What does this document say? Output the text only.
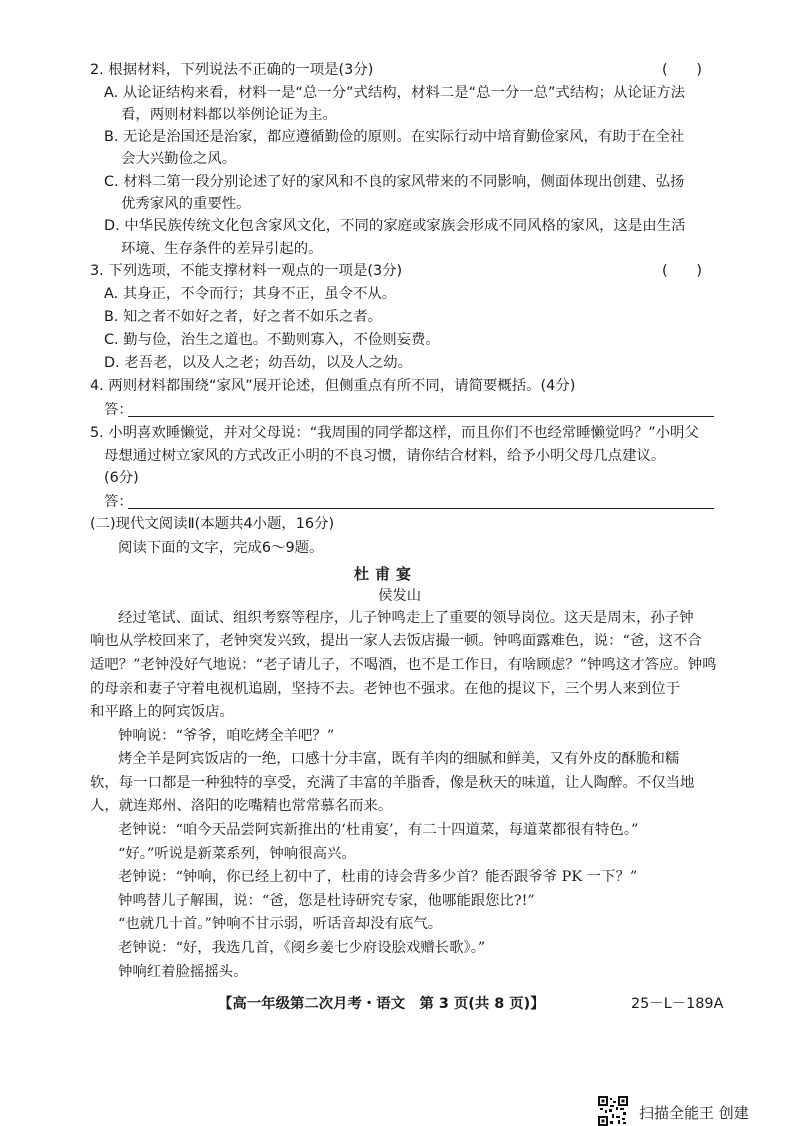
2. 根据材料，下列说法不正确的一项是(3分)	(　　)
A. 从论证结构来看，材料一是“总一分”式结构，材料二是“总一分一总”式结构；从论证方法
看，两则材料都以举例论证为主。
B. 无论是治国还是治家，都应遵循勤俭的原则。在实际行动中培育勤俭家风，有助于在全社
会大兴勤俭之风。
C. 材料二第一段分别论述了好的家风和不良的家风带来的不同影响，侧面体现出创建、弘扬
优秀家风的重要性。
D. 中华民族传统文化包含家风文化，不同的家庭或家族会形成不同风格的家风，这是由生活
环境、生存条件的差异引起的。
3. 下列选项，不能支撑材料一观点的一项是(3分)	(　　)
A. 其身正，不令而行；其身不正，虽令不从。
B. 知之者不如好之者，好之者不如乐之者。
C. 勤与俭，治生之道也。不勤则寡入，不俭则妄费。
D. 老吾老，以及人之老；幼吾幼，以及人之幼。
4. 两则材料都围绕“家风”展开论述，但侧重点有所不同，请简要概括。(4分)
答：
5. 小明喜欢睡懒觉，并对父母说：“我周围的同学都这样，而且你们不也经常睡懒觉吗？”小明父
母想通过树立家风的方式改正小明的不良习惯，请你结合材料，给予小明父母几点建议。
(6分)
答：
(二)现代文阅读Ⅱ(本题共4小题，16分)
阅读下面的文字，完成6～9题。
杜甫宴
侯发山
经过笔试、面试、组织考察等程序，儿子钟鸣走上了重要的领导岗位。这天是周末，孙子钟
响也从学校回来了，老钟突发兴致，提出一家人去饭店撮一顿。钟鸣面露难色，说：“爸，这不合
适吧？”老钟没好气地说：“老子请儿子，不喝酒，也不是工作日，有啥顾虑？”钟鸣这才答应。钟鸣
的母亲和妻子守着电视机追剧，坚持不去。老钟也不强求。在他的提议下，三个男人来到位于
和平路上的阿宾饭店。
钟响说：“爷爷，咱吃烤全羊吧？”
烤全羊是阿宾饭店的一绝，口感十分丰富，既有羊肉的细腻和鲜美，又有外皮的酥脆和糯
软，每一口都是一种独特的享受，充满了丰富的羊脂香，像是秋天的味道，让人陶醉。不仅当地
人，就连郑州、洛阳的吃嘴精也常常慕名而来。
老钟说：“咱今天品尝阿宾新推出的‘杜甫宴’，有二十四道菜，每道菜都很有特色。”
“好。”听说是新菜系列，钟响很高兴。
老钟说：“钟响，你已经上初中了，杜甫的诗会背多少首？能否跟爷爷 PK 一下？”
钟鸣替儿子解围，说：“爸，您是杜诗研究专家，他哪能跟您比?!”
“也就几十首。”钟响不甘示弱，听话音却没有底气。
老钟说：“好，我选几首，《阌乡姜七少府设脍戏赠长歌》。”
钟响红着脸摇摇头。
【高一年级第二次月考・语文　第 3 页(共 8 页)】	25－L－189A
扫描全能王 创建
